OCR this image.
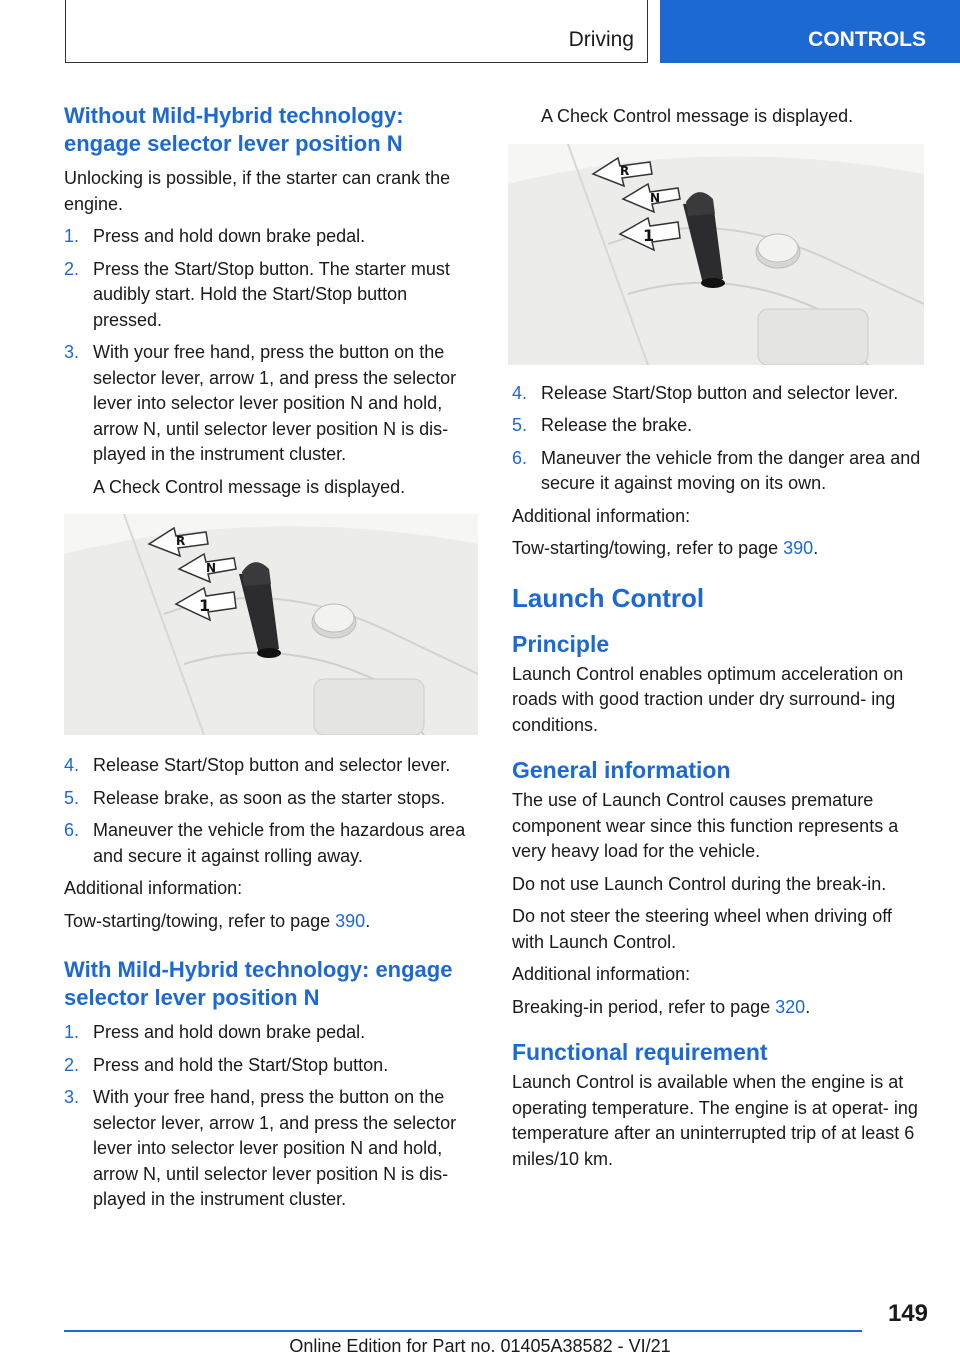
Driving	CONTROLS
Without Mild-Hybrid technology: engage selector lever position N

Unlocking is possible, if the starter can crank the engine.

1. Press and hold down brake pedal.
2. Press the Start/Stop button. The starter must audibly start. Hold the Start/Stop button pressed.
3. With your free hand, press the button on the selector lever, arrow 1, and press the selector lever into selector lever position N and hold, arrow N, until selector lever position N is dis‐ played in the instrument cluster.
A Check Control message is displayed.
R
N
1
4. Release Start/Stop button and selector lever.
5. Release brake, as soon as the starter stops.
6. Maneuver the vehicle from the hazardous area and secure it against rolling away.

Additional information:

Tow-starting/towing, refer to page 390.

With Mild-Hybrid technology: engage selector lever position N
1. Press and hold down brake pedal.
2. Press and hold the Start/Stop button.
3. With your free hand, press the button on the selector lever, arrow 1, and press the selector lever into selector lever position N and hold, arrow N, until selector lever position N is dis‐ played in the instrument cluster.

A Check Control message is displayed.

R
N
1
4. Release Start/Stop button and selector lever.
5. Release the brake.
6. Maneuver the vehicle from the danger area and secure it against moving on its own.

Additional information:

Tow-starting/towing, refer to page 390.

Launch Control
Principle

Launch Control enables optimum acceleration on roads with good traction under dry surround‐ ing conditions.

General information

The use of Launch Control causes premature component wear since this function represents a very heavy load for the vehicle.

Do not use Launch Control during the break-in.

Do not steer the steering wheel when driving off with Launch Control.

Additional information:

Breaking-in period, refer to page 320.

Functional requirement

Launch Control is available when the engine is at operating temperature. The engine is at operat‐ ing temperature after an uninterrupted trip of at least 6 miles/10 km.

149
Online Edition for Part no. 01405A38582 - VI/21
